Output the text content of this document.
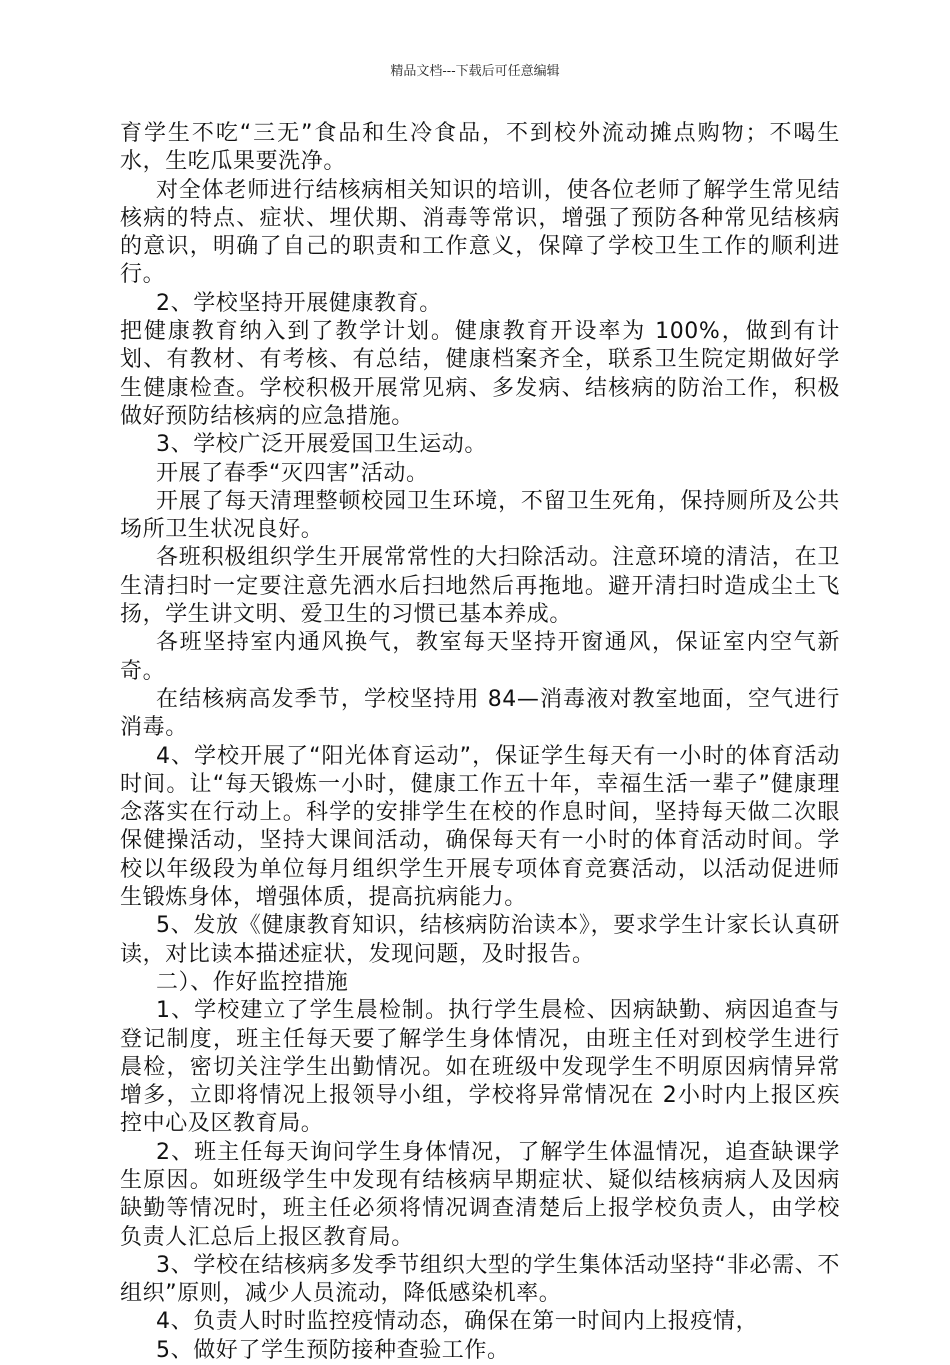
精品文档---下载后可任意编辑

育学生不吃“三无”食品和生冷食品，不到校外流动摊点购物；不喝生水，生吃瓜果要洗净。

对全体老师进行结核病相关知识的培训，使各位老师了解学生常见结核病的特点、症状、埋伏期、消毒等常识，增强了预防各种常见结核病的意识，明确了自己的职责和工作意义，保障了学校卫生工作的顺利进行。

2、学校坚持开展健康教育。

把健康教育纳入到了教学计划。健康教育开设率为 100%，做到有计划、有教材、有考核、有总结，健康档案齐全，联系卫生院定期做好学生健康检查。学校积极开展常见病、多发病、结核病的防治工作，积极做好预防结核病的应急措施。

3、学校广泛开展爱国卫生运动。

开展了春季“灭四害”活动。

开展了每天清理整顿校园卫生环境，不留卫生死角，保持厕所及公共场所卫生状况良好。

各班积极组织学生开展常常性的大扫除活动。注意环境的清洁，在卫生清扫时一定要注意先洒水后扫地然后再拖地。避开清扫时造成尘土飞扬，学生讲文明、爱卫生的习惯已基本养成。

各班坚持室内通风换气，教室每天坚持开窗通风，保证室内空气新奇。

在结核病高发季节，学校坚持用 84—消毒液对教室地面，空气进行消毒。

4、学校开展了“阳光体育运动”，保证学生每天有一小时的体育活动时间。让“每天锻炼一小时，健康工作五十年，幸福生活一辈子”健康理念落实在行动上。科学的安排学生在校的作息时间，坚持每天做二次眼保健操活动，坚持大课间活动，确保每天有一小时的体育活动时间。学校以年级段为单位每月组织学生开展专项体育竞赛活动，以活动促进师生锻炼身体，增强体质，提高抗病能力。

5、发放《健康教育知识，结核病防治读本》，要求学生计家长认真研读，对比读本描述症状，发现问题，及时报告。

二）、作好监控措施

1、学校建立了学生晨检制。执行学生晨检、因病缺勤、病因追查与登记制度，班主任每天要了解学生身体情况，由班主任对到校学生进行晨检，密切关注学生出勤情况。如在班级中发现学生不明原因病情异常增多，立即将情况上报领导小组，学校将异常情况在 2小时内上报区疾控中心及区教育局。

2、班主任每天询问学生身体情况，了解学生体温情况，追查缺课学生原因。如班级学生中发现有结核病早期症状、疑似结核病病人及因病缺勤等情况时，班主任必须将情况调查清楚后上报学校负责人，由学校负责人汇总后上报区教育局。

3、学校在结核病多发季节组织大型的学生集体活动坚持“非必需、不组织”原则，减少人员流动，降低感染机率。

4、负责人时时监控疫情动态，确保在第一时间内上报疫情，

5、做好了学生预防接种查验工作。
